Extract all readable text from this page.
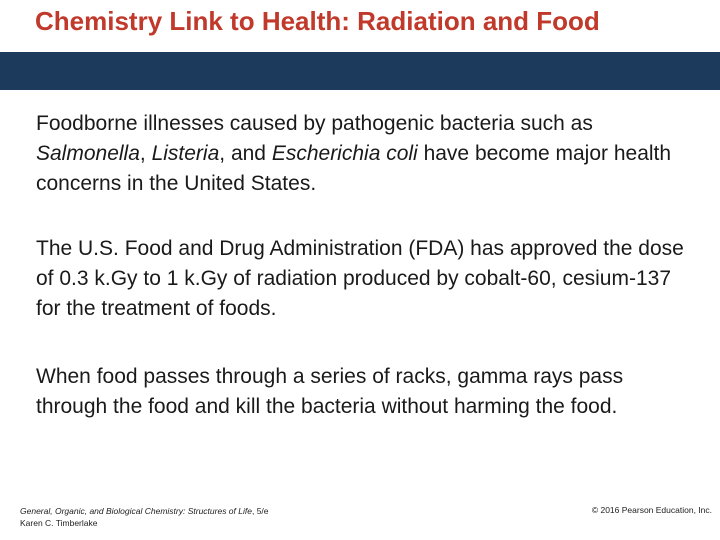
Chemistry Link to Health: Radiation and Food

Foodborne illnesses caused by pathogenic bacteria such as Salmonella, Listeria, and Escherichia coli have become major health concerns in the United States.

The U.S. Food and Drug Administration (FDA) has approved the dose of 0.3 k.Gy to 1 k.Gy of radiation produced by cobalt-60, cesium-137 for the treatment of foods.

When food passes through a series of racks, gamma rays pass through the food and kill the bacteria without harming the food.

General, Organic, and Biological Chemistry: Structures of Life, 5/e
Karen C. Timberlake
© 2016 Pearson Education, Inc.
